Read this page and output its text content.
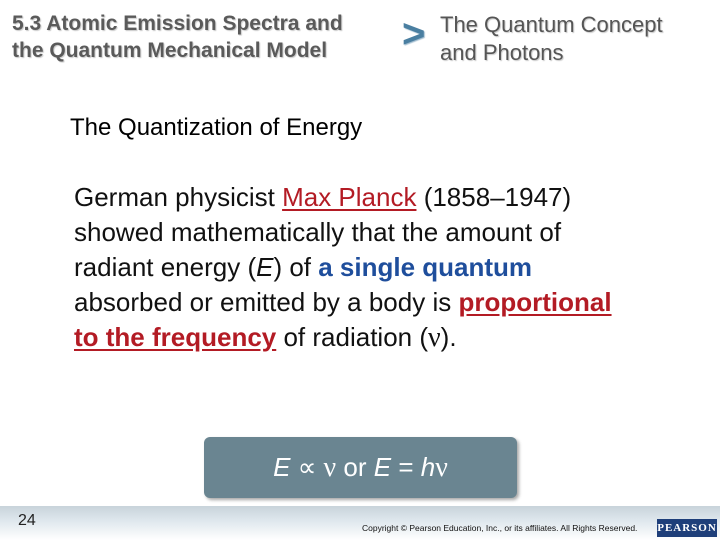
5.3 Atomic Emission Spectra and
the Quantum Mechanical Model	> The Quantum Concept
and Photons
The Quantization of Energy
German physicist Max Planck (1858–1947) showed mathematically that the amount of radiant energy (E) of a single quantum absorbed or emitted by a body is proportional to the frequency of radiation (ν).
E ∝ ν or E = hν
24	Copyright © Pearson Education, Inc., or its affiliates. All Rights Reserved. PEARSON
